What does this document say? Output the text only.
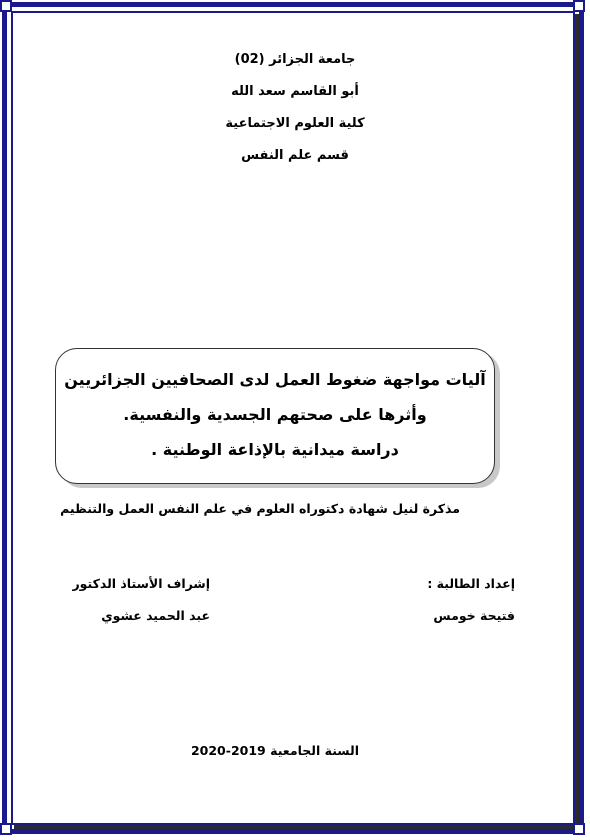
جامعة الجزائر (02)
أبو القاسم سعد الله
كلية العلوم الاجتماعية
قسم علم النفس
آليات مواجهة ضغوط العمل لدى الصحافيين الجزائريين
وأثرها على صحتهم الجسدية والنفسية.
دراسة ميدانية بالإذاعة الوطنية .
مذكرة لنيل شهادة دكتوراه العلوم في علم النفس العمل والتنظيم
إعداد الطالبة :
إشراف الأستاذ الدكتور
فتيحة خومس
عبد الحميد عشوي
السنة الجامعية 2019-2020
